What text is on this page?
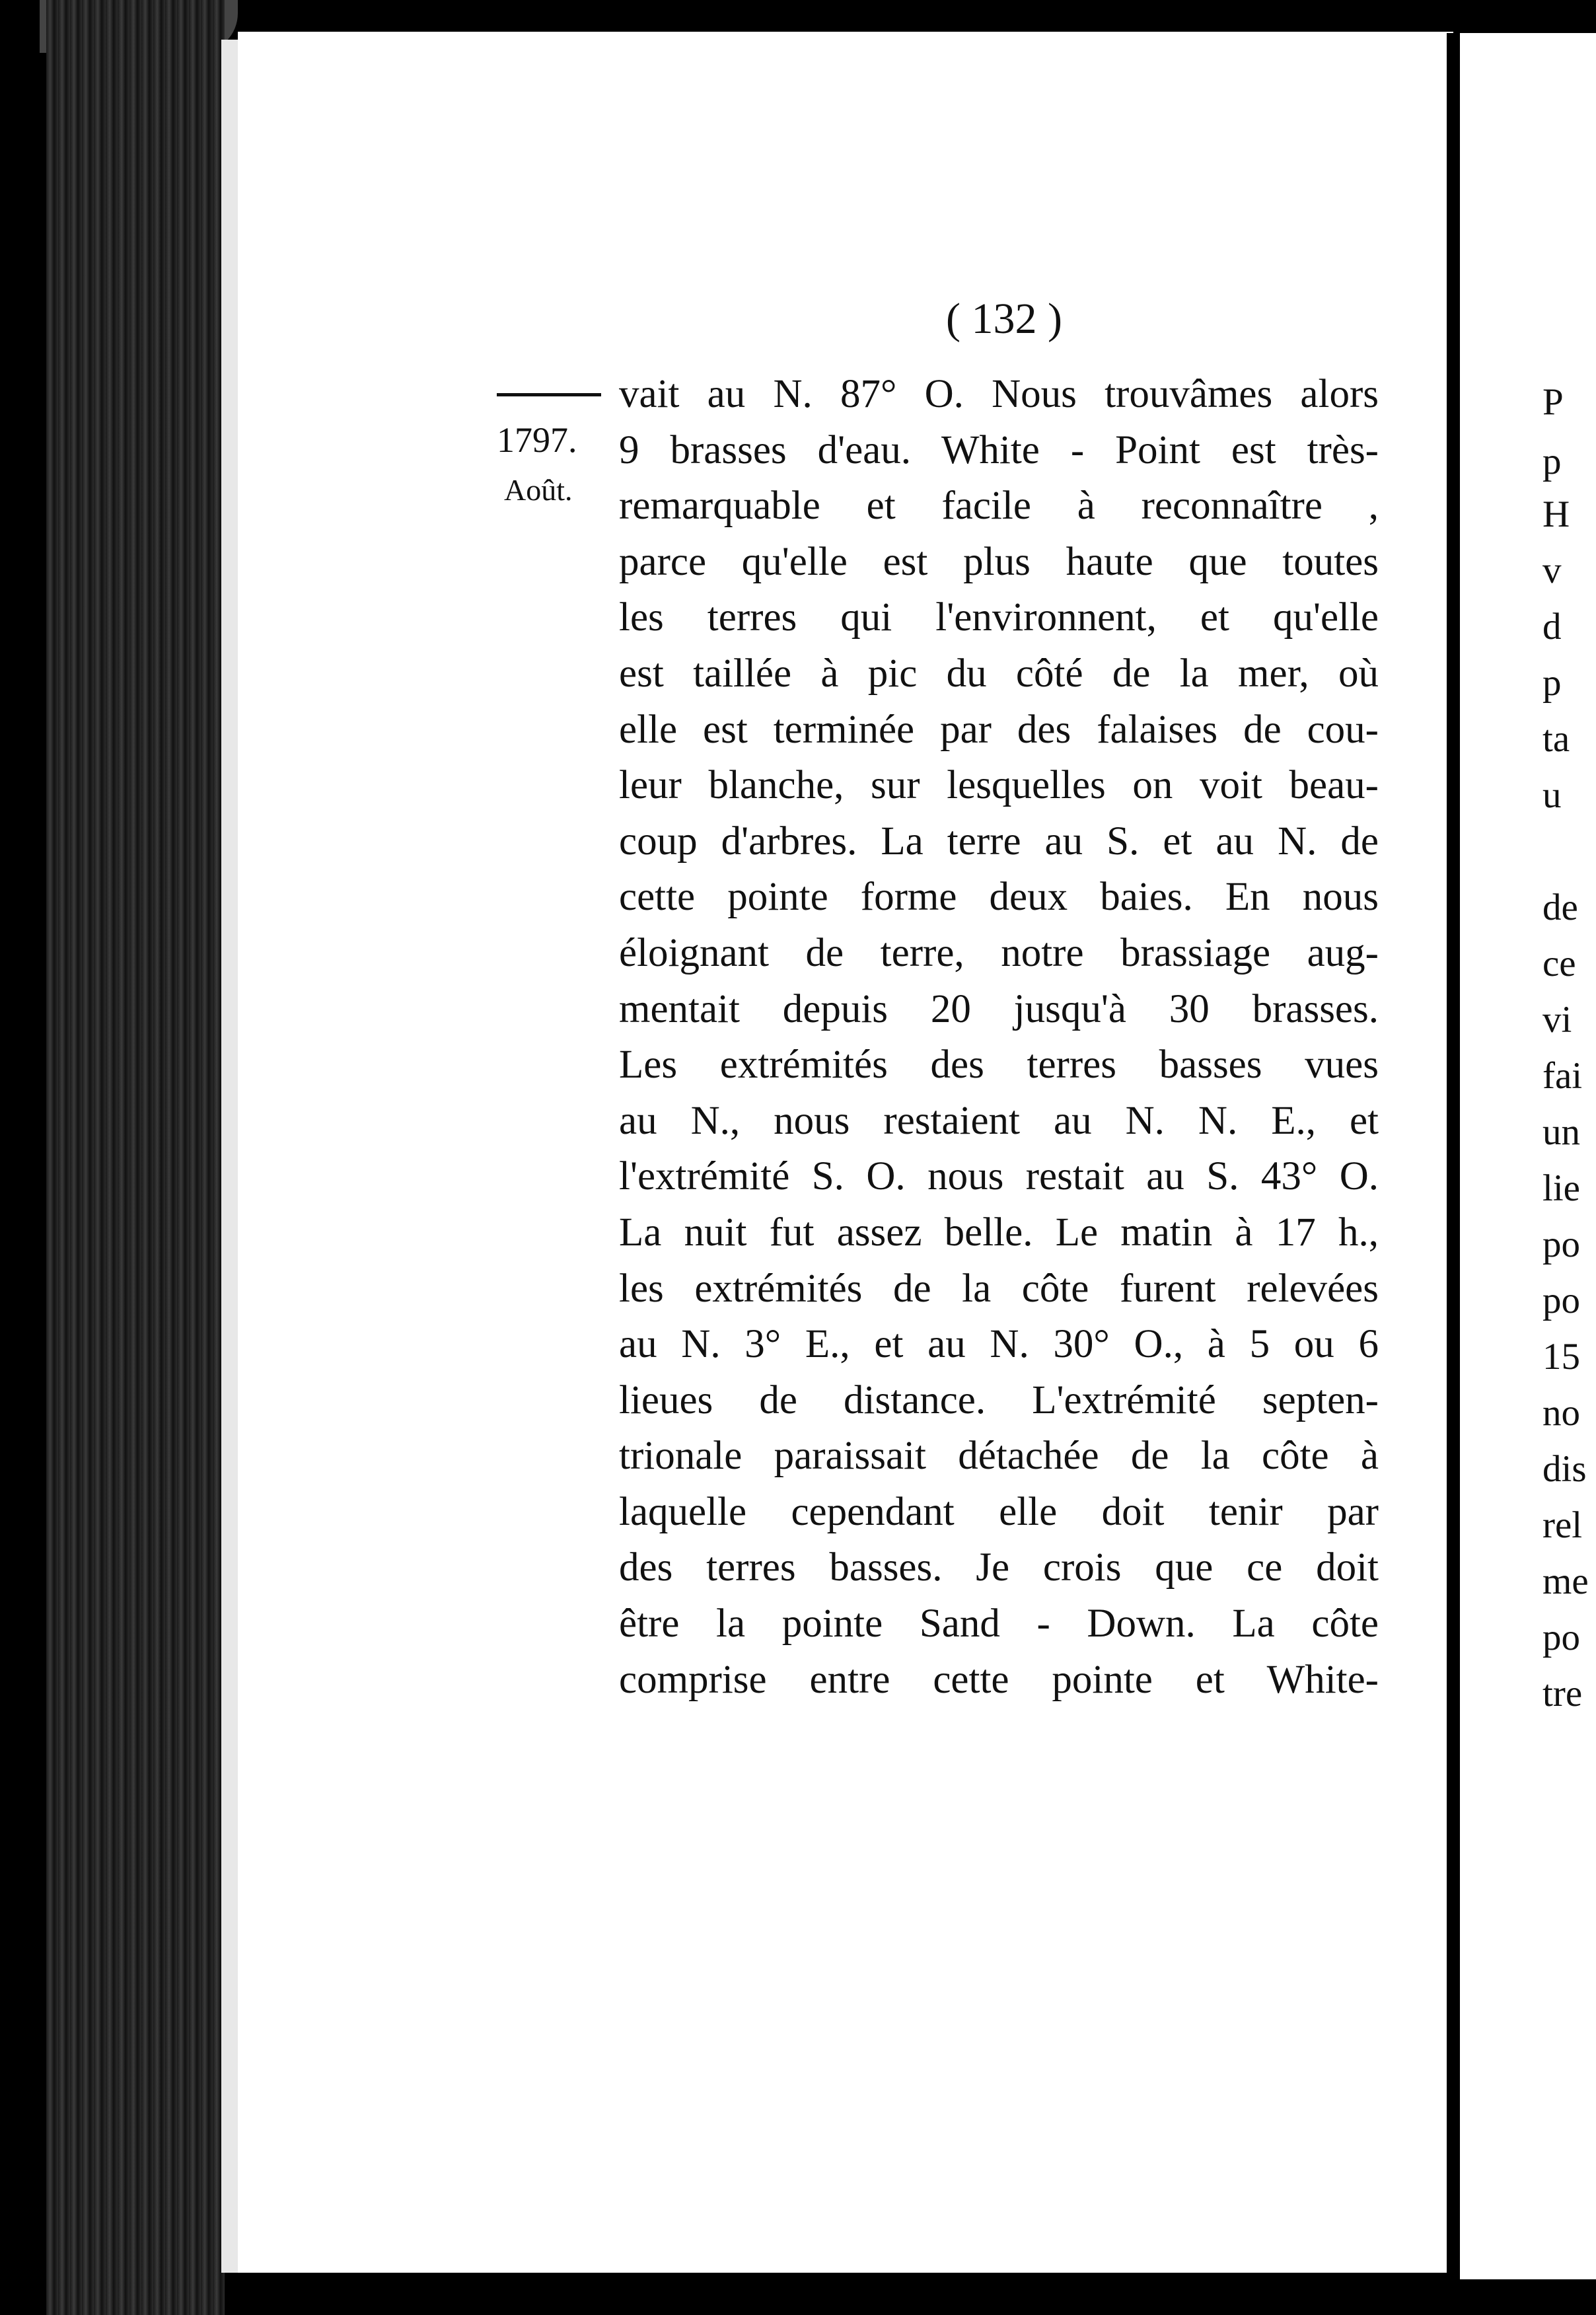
( 132 )
1797.
Août.
vait au N. 87° O. Nous trouvâmes alors
9 brasses d'eau. White - Point est très-
remarquable et facile à reconnaître ,
parce qu'elle est plus haute que toutes
les terres qui l'environnent, et qu'elle
est taillée à pic du côté de la mer, où
elle est terminée par des falaises de cou-
leur blanche, sur lesquelles on voit beau-
coup d'arbres. La terre au S. et au N. de
cette pointe forme deux baies. En nous
éloignant de terre, notre brassiage aug-
mentait depuis 20 jusqu'à 30 brasses.
Les extrémités des terres basses vues
au N., nous restaient au N. N. E., et
l'extrémité S. O. nous restait au S. 43° O.
La nuit fut assez belle. Le matin à 17 h.,
les extrémités de la côte furent relevées
au N. 3° E., et au N. 30° O., à 5 ou 6
lieues de distance. L'extrémité septen-
trionale paraissait détachée de la côte à
laquelle cependant elle doit tenir par
des terres basses. Je crois que ce doit
être la pointe Sand - Down. La côte
comprise entre cette pointe et White-
P
p
H
v
d
p
ta
u
de
ce
vi
fai
un
lie
po
po
15
no
dis
rel
me
po
tre
